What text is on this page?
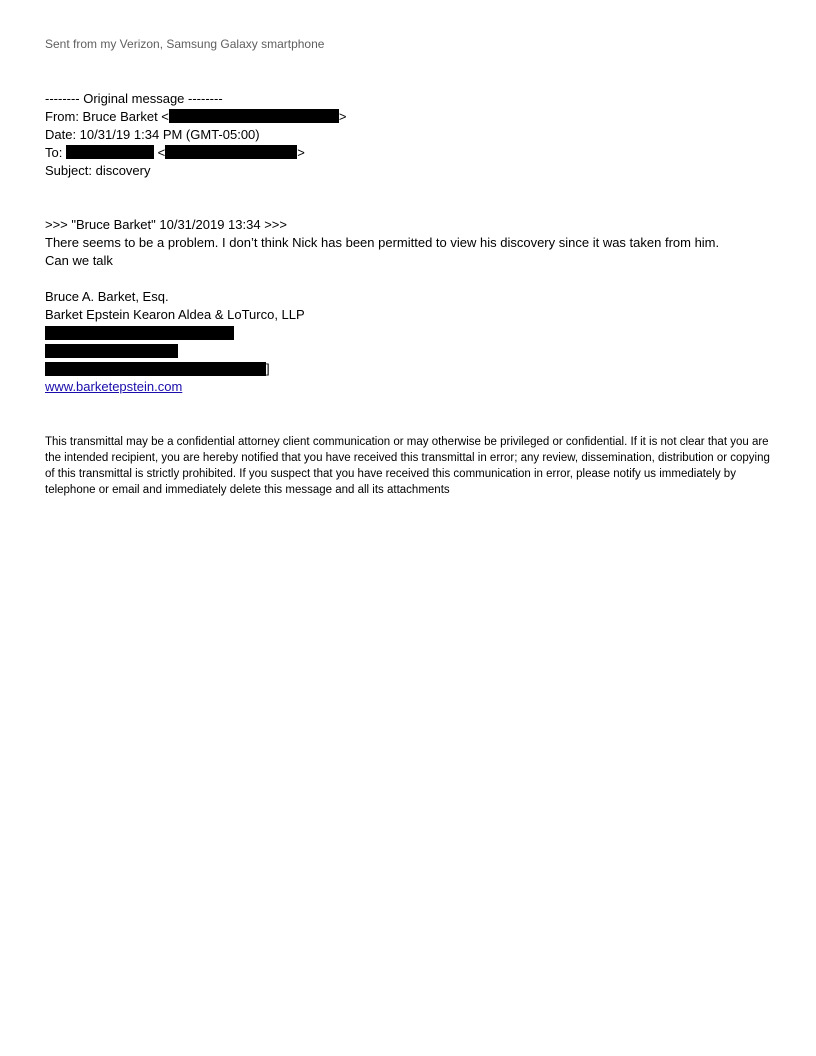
Sent from my Verizon, Samsung Galaxy smartphone

-------- Original message --------
From: Bruce Barket <	>
Date: 10/31/19 1:34 PM (GMT-05:00)
To:	<	>
Subject: discovery
>>> "Bruce Barket" 10/31/2019 13:34 >>>
There seems to be a problem. I don’t think Nick has been permitted to view his discovery since it was taken from him.
Can we talk
Bruce A. Barket, Esq.
Barket Epstein Kearon Aldea & LoTurco, LLP
]
www.barketepstein.com

This transmittal may be a confidential attorney client communication or may otherwise be privileged or confidential. If it is not clear that you are the intended recipient, you are hereby notified that you have received this transmittal in error; any review, dissemination, distribution or copying of this transmittal is strictly prohibited. If you suspect that you have received this communication in error, please notify us immediately by telephone or email and immediately delete this message and all its attachments
